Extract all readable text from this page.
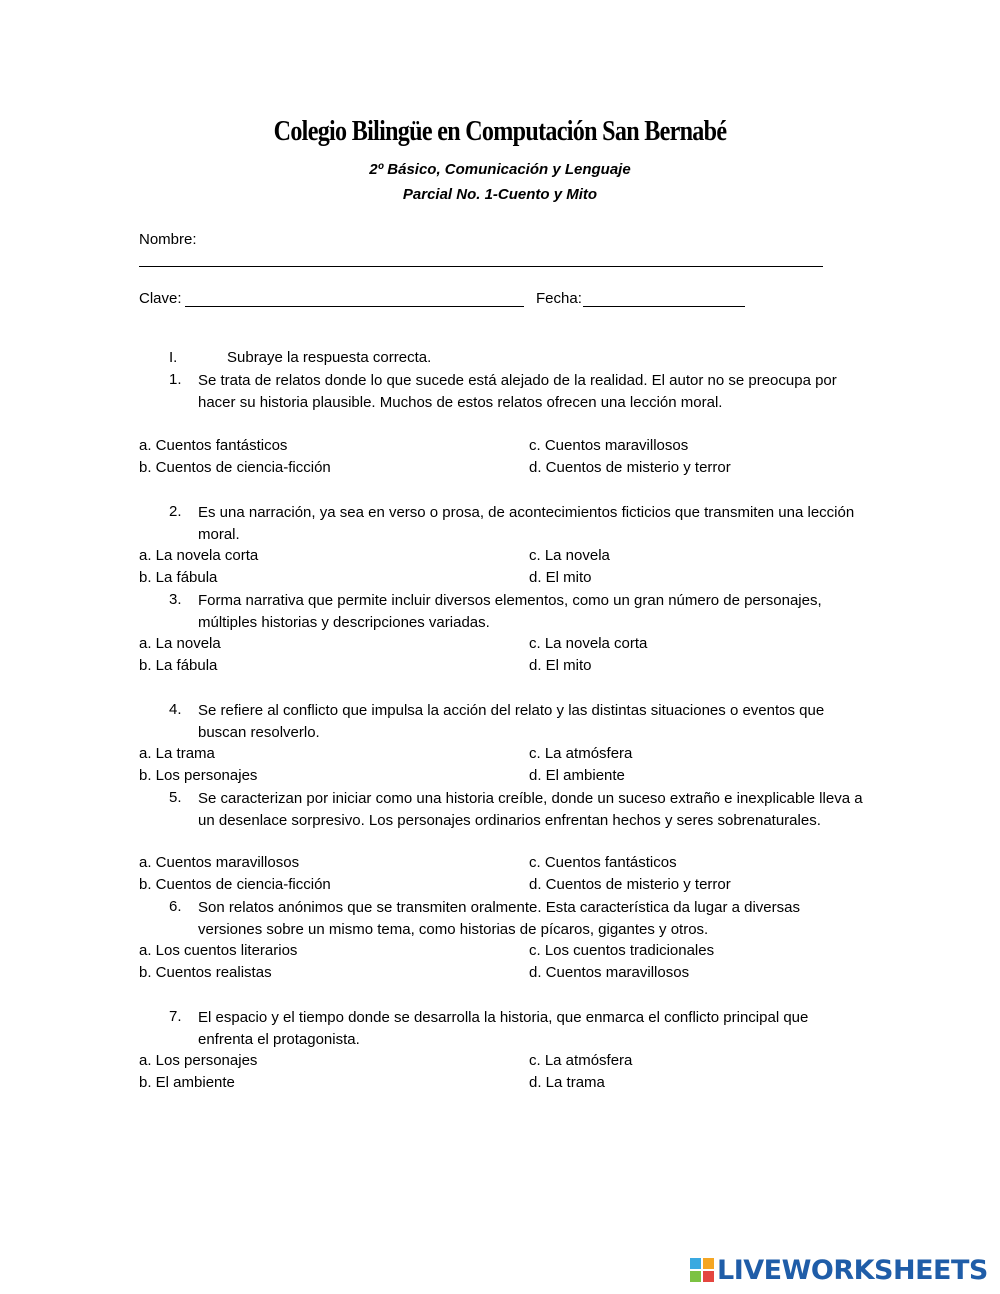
Colegio Bilingüe en Computación San Bernabé
2º Básico, Comunicación y Lenguaje
Parcial No. 1-Cuento y Mito
Nombre:
Clave:	Fecha:
I.	Subraye la respuesta correcta.
1. Se trata de relatos donde lo que sucede está alejado de la realidad. El autor no se preocupa por hacer su historia plausible. Muchos de estos relatos ofrecen una lección moral.
a. Cuentos fantásticos	c. Cuentos maravillosos
b. Cuentos de ciencia-ficción	d. Cuentos de misterio y terror
2. Es una narración, ya sea en verso o prosa, de acontecimientos ficticios que transmiten una lección moral.
a. La novela corta	c. La novela
b. La fábula	d. El mito
3. Forma narrativa que permite incluir diversos elementos, como un gran número de personajes, múltiples historias y descripciones variadas.
a. La novela	c. La novela corta
b. La fábula	d. El mito
4. Se refiere al conflicto que impulsa la acción del relato y las distintas situaciones o eventos que buscan resolverlo.
a. La trama	c. La atmósfera
b. Los personajes	d. El ambiente
5. Se caracterizan por iniciar como una historia creíble, donde un suceso extraño e inexplicable lleva a un desenlace sorpresivo. Los personajes ordinarios enfrentan hechos y seres sobrenaturales.
a. Cuentos maravillosos	c. Cuentos fantásticos
b. Cuentos de ciencia-ficción	d. Cuentos de misterio y terror
6. Son relatos anónimos que se transmiten oralmente. Esta característica da lugar a diversas versiones sobre un mismo tema, como historias de pícaros, gigantes y otros.
a. Los cuentos literarios	c. Los cuentos tradicionales
b. Cuentos realistas	d. Cuentos maravillosos
7. El espacio y el tiempo donde se desarrolla la historia, que enmarca el conflicto principal que enfrenta el protagonista.
a. Los personajes	c. La atmósfera
b. El ambiente	d. La trama
LIVEWORKSHEETS
